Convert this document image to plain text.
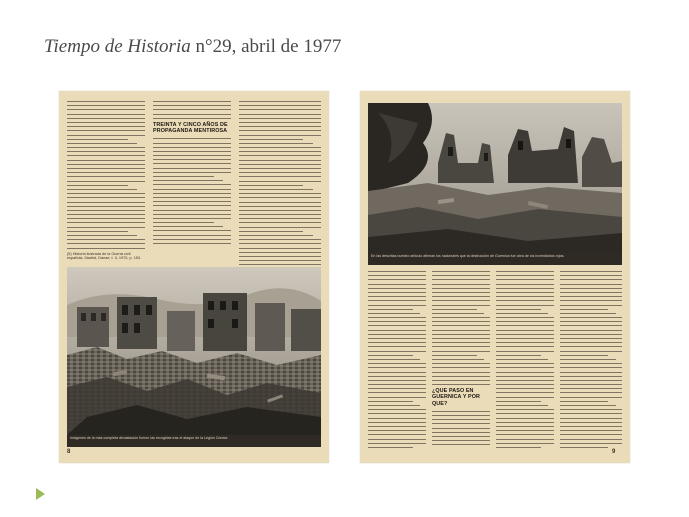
Tiempo de Historia n°29, abril de 1977
(5) Historia ilustrada de la Guerra civil española, Madrid, Danae, t. II, 1970, p. 153.
TREINTA Y CINCO AÑOS DE PROPAGANDA MENTIROSA
Imágenes de la más completa devastación fueron las recogidas tras el ataque de la Legión Cóndor.
8
En las descritas nuestro artículo afirman los nacionales que la destrucción de Guernica fue obra de los incendiarios rojos.
¿QUE PASO EN GUERNICA Y POR QUE?
9
